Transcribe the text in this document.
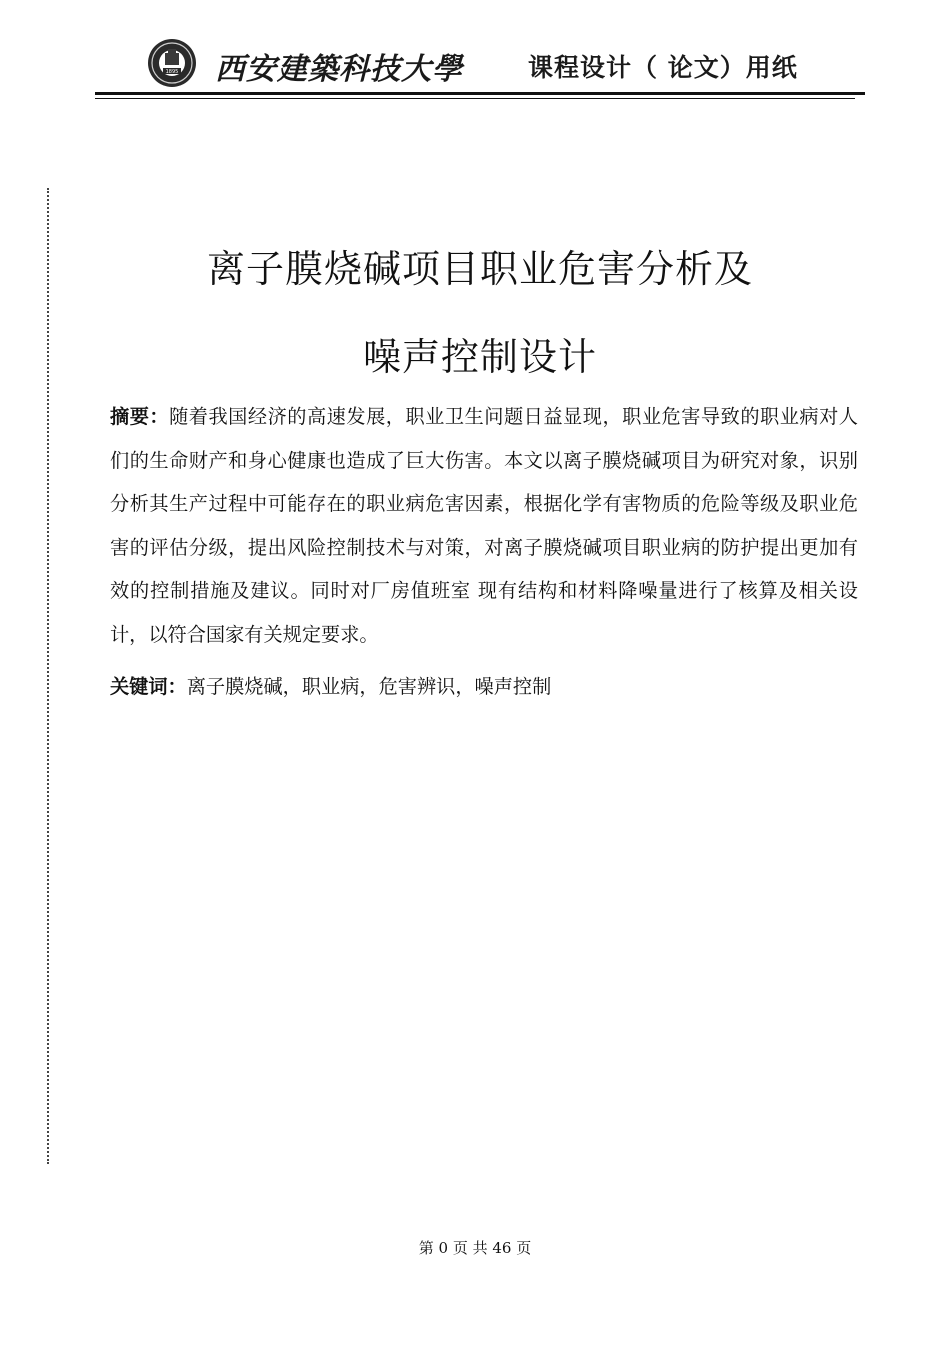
1895 西安建築科技大學	课程设计（ 论文）用纸
离子膜烧碱项目职业危害分析及
噪声控制设计
摘要：随着我国经济的高速发展，职业卫生问题日益显现，职业危害导致的职业病对人们的生命财产和身心健康也造成了巨大伤害。本文以离子膜烧碱项目为研究对象，识别分析其生产过程中可能存在的职业病危害因素，根据化学有害物质的危险等级及职业危害的评估分级，提出风险控制技术与对策，对离子膜烧碱项目职业病的防护提出更加有效的控制措施及建议。同时对厂房值班室 现有结构和材料降噪量进行了核算及相关设计，以符合国家有关规定要求。
关键词：离子膜烧碱，职业病，危害辨识，噪声控制
第 0 页 共 46 页
